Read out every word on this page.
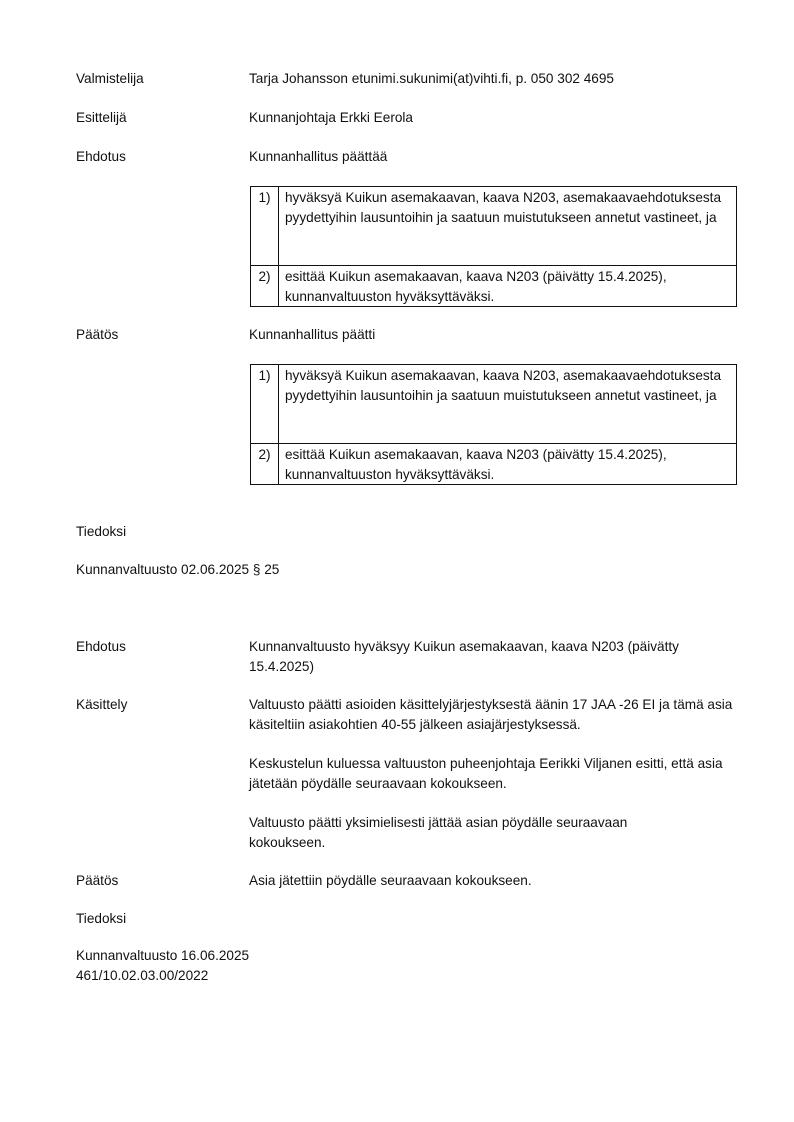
Valmistelija	Tarja Johansson etunimi.sukunimi(at)vihti.fi, p. 050 302 4695
Esittelijä	Kunnanjohtaja Erkki Eerola
Ehdotus	Kunnanhallitus päättää
1)	hyväksyä Kuikun asemakaavan, kaava N203, asemakaavaehdotuksesta pyydettyihin lausuntoihin ja saatuun muistutukseen annetut vastineet, ja
2)	esittää Kuikun asemakaavan, kaava N203 (päivätty 15.4.2025), kunnanvaltuuston hyväksyttäväksi.
Päätös	Kunnanhallitus päätti
1)	hyväksyä Kuikun asemakaavan, kaava N203, asemakaavaehdotuksesta pyydettyihin lausuntoihin ja saatuun muistutukseen annetut vastineet, ja
2)	esittää Kuikun asemakaavan, kaava N203 (päivätty 15.4.2025), kunnanvaltuuston hyväksyttäväksi.
Tiedoksi
Kunnanvaltuusto 02.06.2025 § 25
Ehdotus	Kunnanvaltuusto hyväksyy Kuikun asemakaavan, kaava N203 (päivätty 15.4.2025)
Käsittely	Valtuusto päätti asioiden käsittelyjärjestyksestä äänin 17 JAA -26 EI ja tämä asia käsiteltiin asiakohtien 40-55 jälkeen asiajärjestyksessä.

Keskustelun kuluessa valtuuston puheenjohtaja Eerikki Viljanen esitti, että asia jätetään pöydälle seuraavaan kokoukseen.

Valtuusto päätti yksimielisesti jättää asian pöydälle seuraavaan kokoukseen.

Päätös	Asia jätettiin pöydälle seuraavaan kokoukseen.
Tiedoksi
Kunnanvaltuusto 16.06.2025
461/10.02.03.00/2022
